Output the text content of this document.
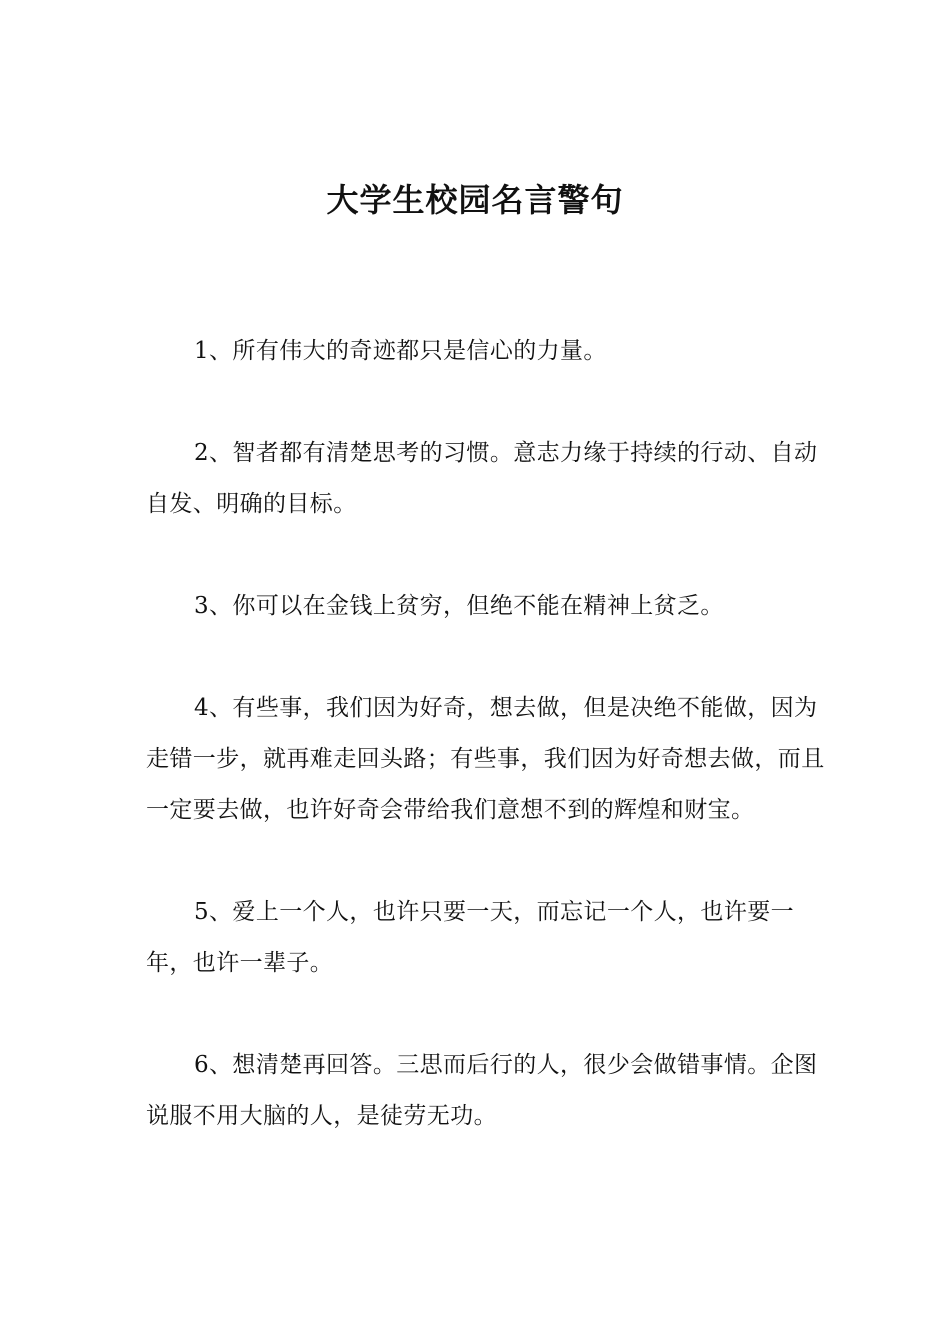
大学生校园名言警句

1、所有伟大的奇迹都只是信心的力量。

2、智者都有清楚思考的习惯。意志力缘于持续的行动、自动自发、明确的目标。

3、你可以在金钱上贫穷，但绝不能在精神上贫乏。

4、有些事，我们因为好奇，想去做，但是决绝不能做，因为走错一步，就再难走回头路；有些事，我们因为好奇想去做，而且一定要去做，也许好奇会带给我们意想不到的辉煌和财宝。

5、爱上一个人，也许只要一天，而忘记一个人，也许要一年，也许一辈子。

6、想清楚再回答。三思而后行的人，很少会做错事情。企图说服不用大脑的人，是徒劳无功。
